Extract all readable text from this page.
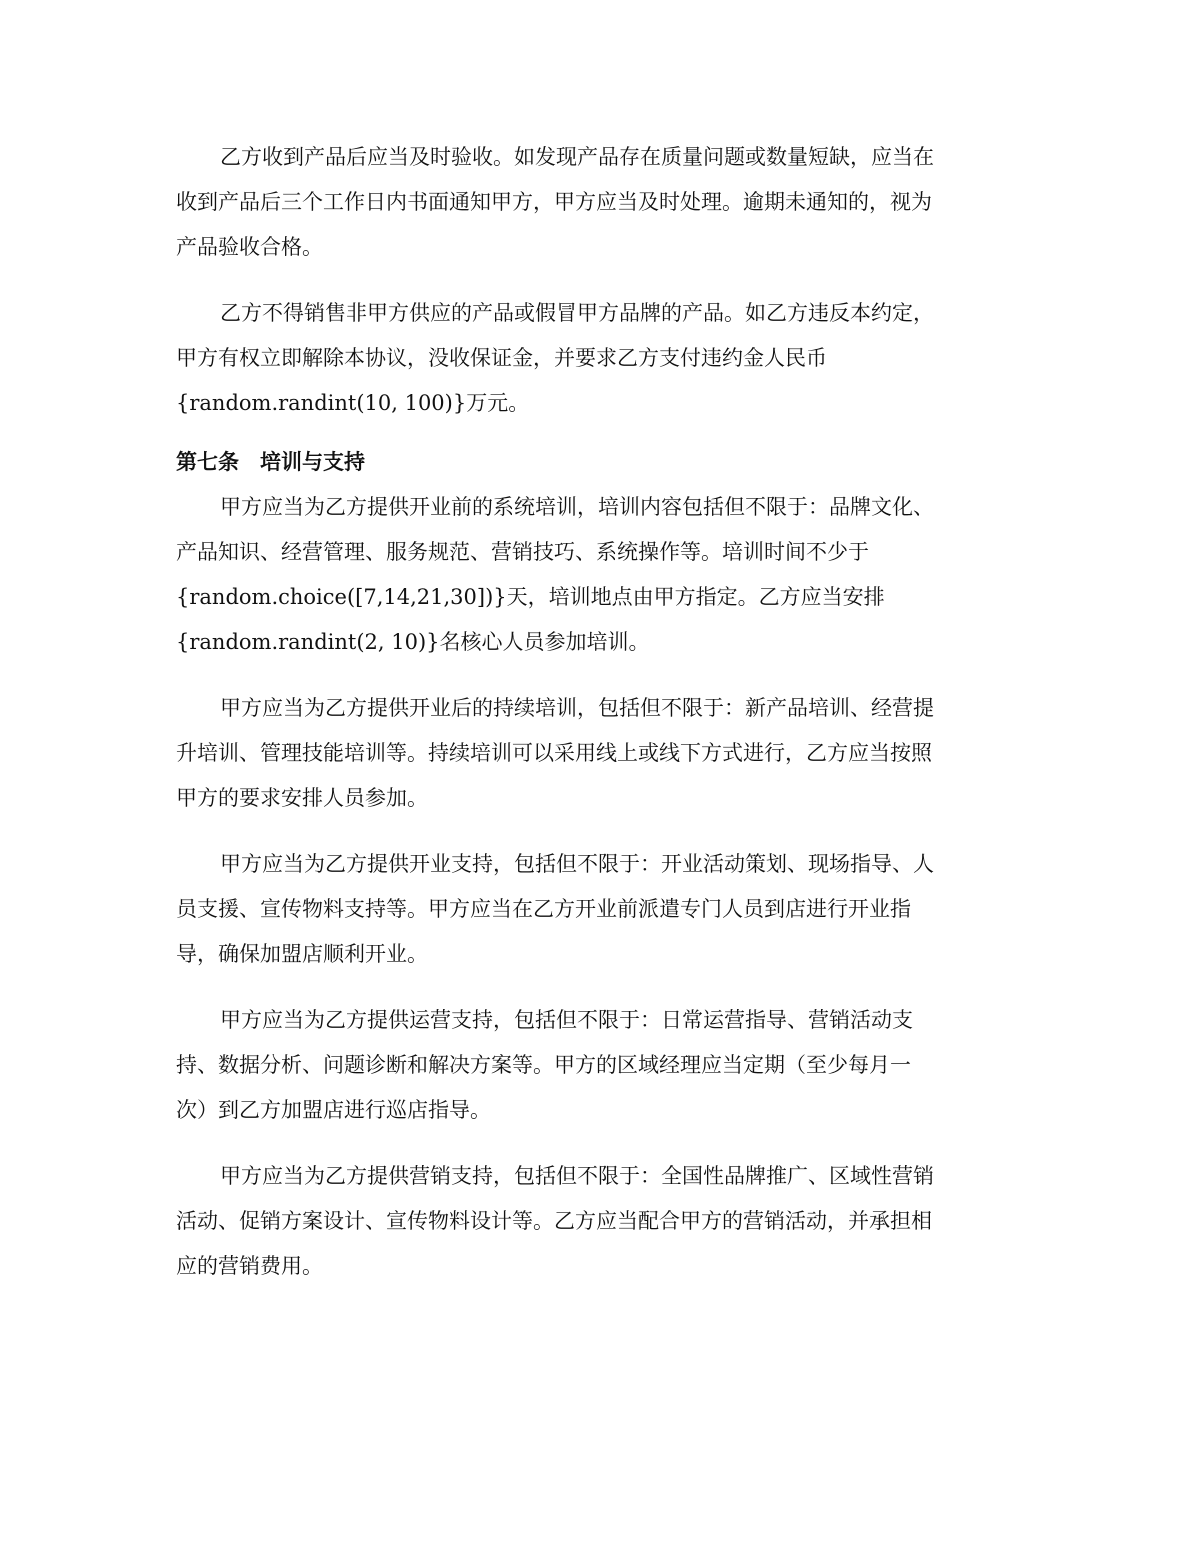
乙方收到产品后应当及时验收。如发现产品存在质量问题或数量短缺，应当在
收到产品后三个工作日内书面通知甲方，甲方应当及时处理。逾期未通知的，视为
产品验收合格。
乙方不得销售非甲方供应的产品或假冒甲方品牌的产品。如乙方违反本约定，
甲方有权立即解除本协议，没收保证金，并要求乙方支付违约金人民币
{random.randint(10, 100)}万元。
第七条　培训与支持
甲方应当为乙方提供开业前的系统培训，培训内容包括但不限于：品牌文化、
产品知识、经营管理、服务规范、营销技巧、系统操作等。培训时间不少于
{random.choice([7,14,21,30])}天，培训地点由甲方指定。乙方应当安排
{random.randint(2, 10)}名核心人员参加培训。
甲方应当为乙方提供开业后的持续培训，包括但不限于：新产品培训、经营提
升培训、管理技能培训等。持续培训可以采用线上或线下方式进行，乙方应当按照
甲方的要求安排人员参加。
甲方应当为乙方提供开业支持，包括但不限于：开业活动策划、现场指导、人
员支援、宣传物料支持等。甲方应当在乙方开业前派遣专门人员到店进行开业指
导，确保加盟店顺利开业。
甲方应当为乙方提供运营支持，包括但不限于：日常运营指导、营销活动支
持、数据分析、问题诊断和解决方案等。甲方的区域经理应当定期（至少每月一
次）到乙方加盟店进行巡店指导。
甲方应当为乙方提供营销支持，包括但不限于：全国性品牌推广、区域性营销
活动、促销方案设计、宣传物料设计等。乙方应当配合甲方的营销活动，并承担相
应的营销费用。
